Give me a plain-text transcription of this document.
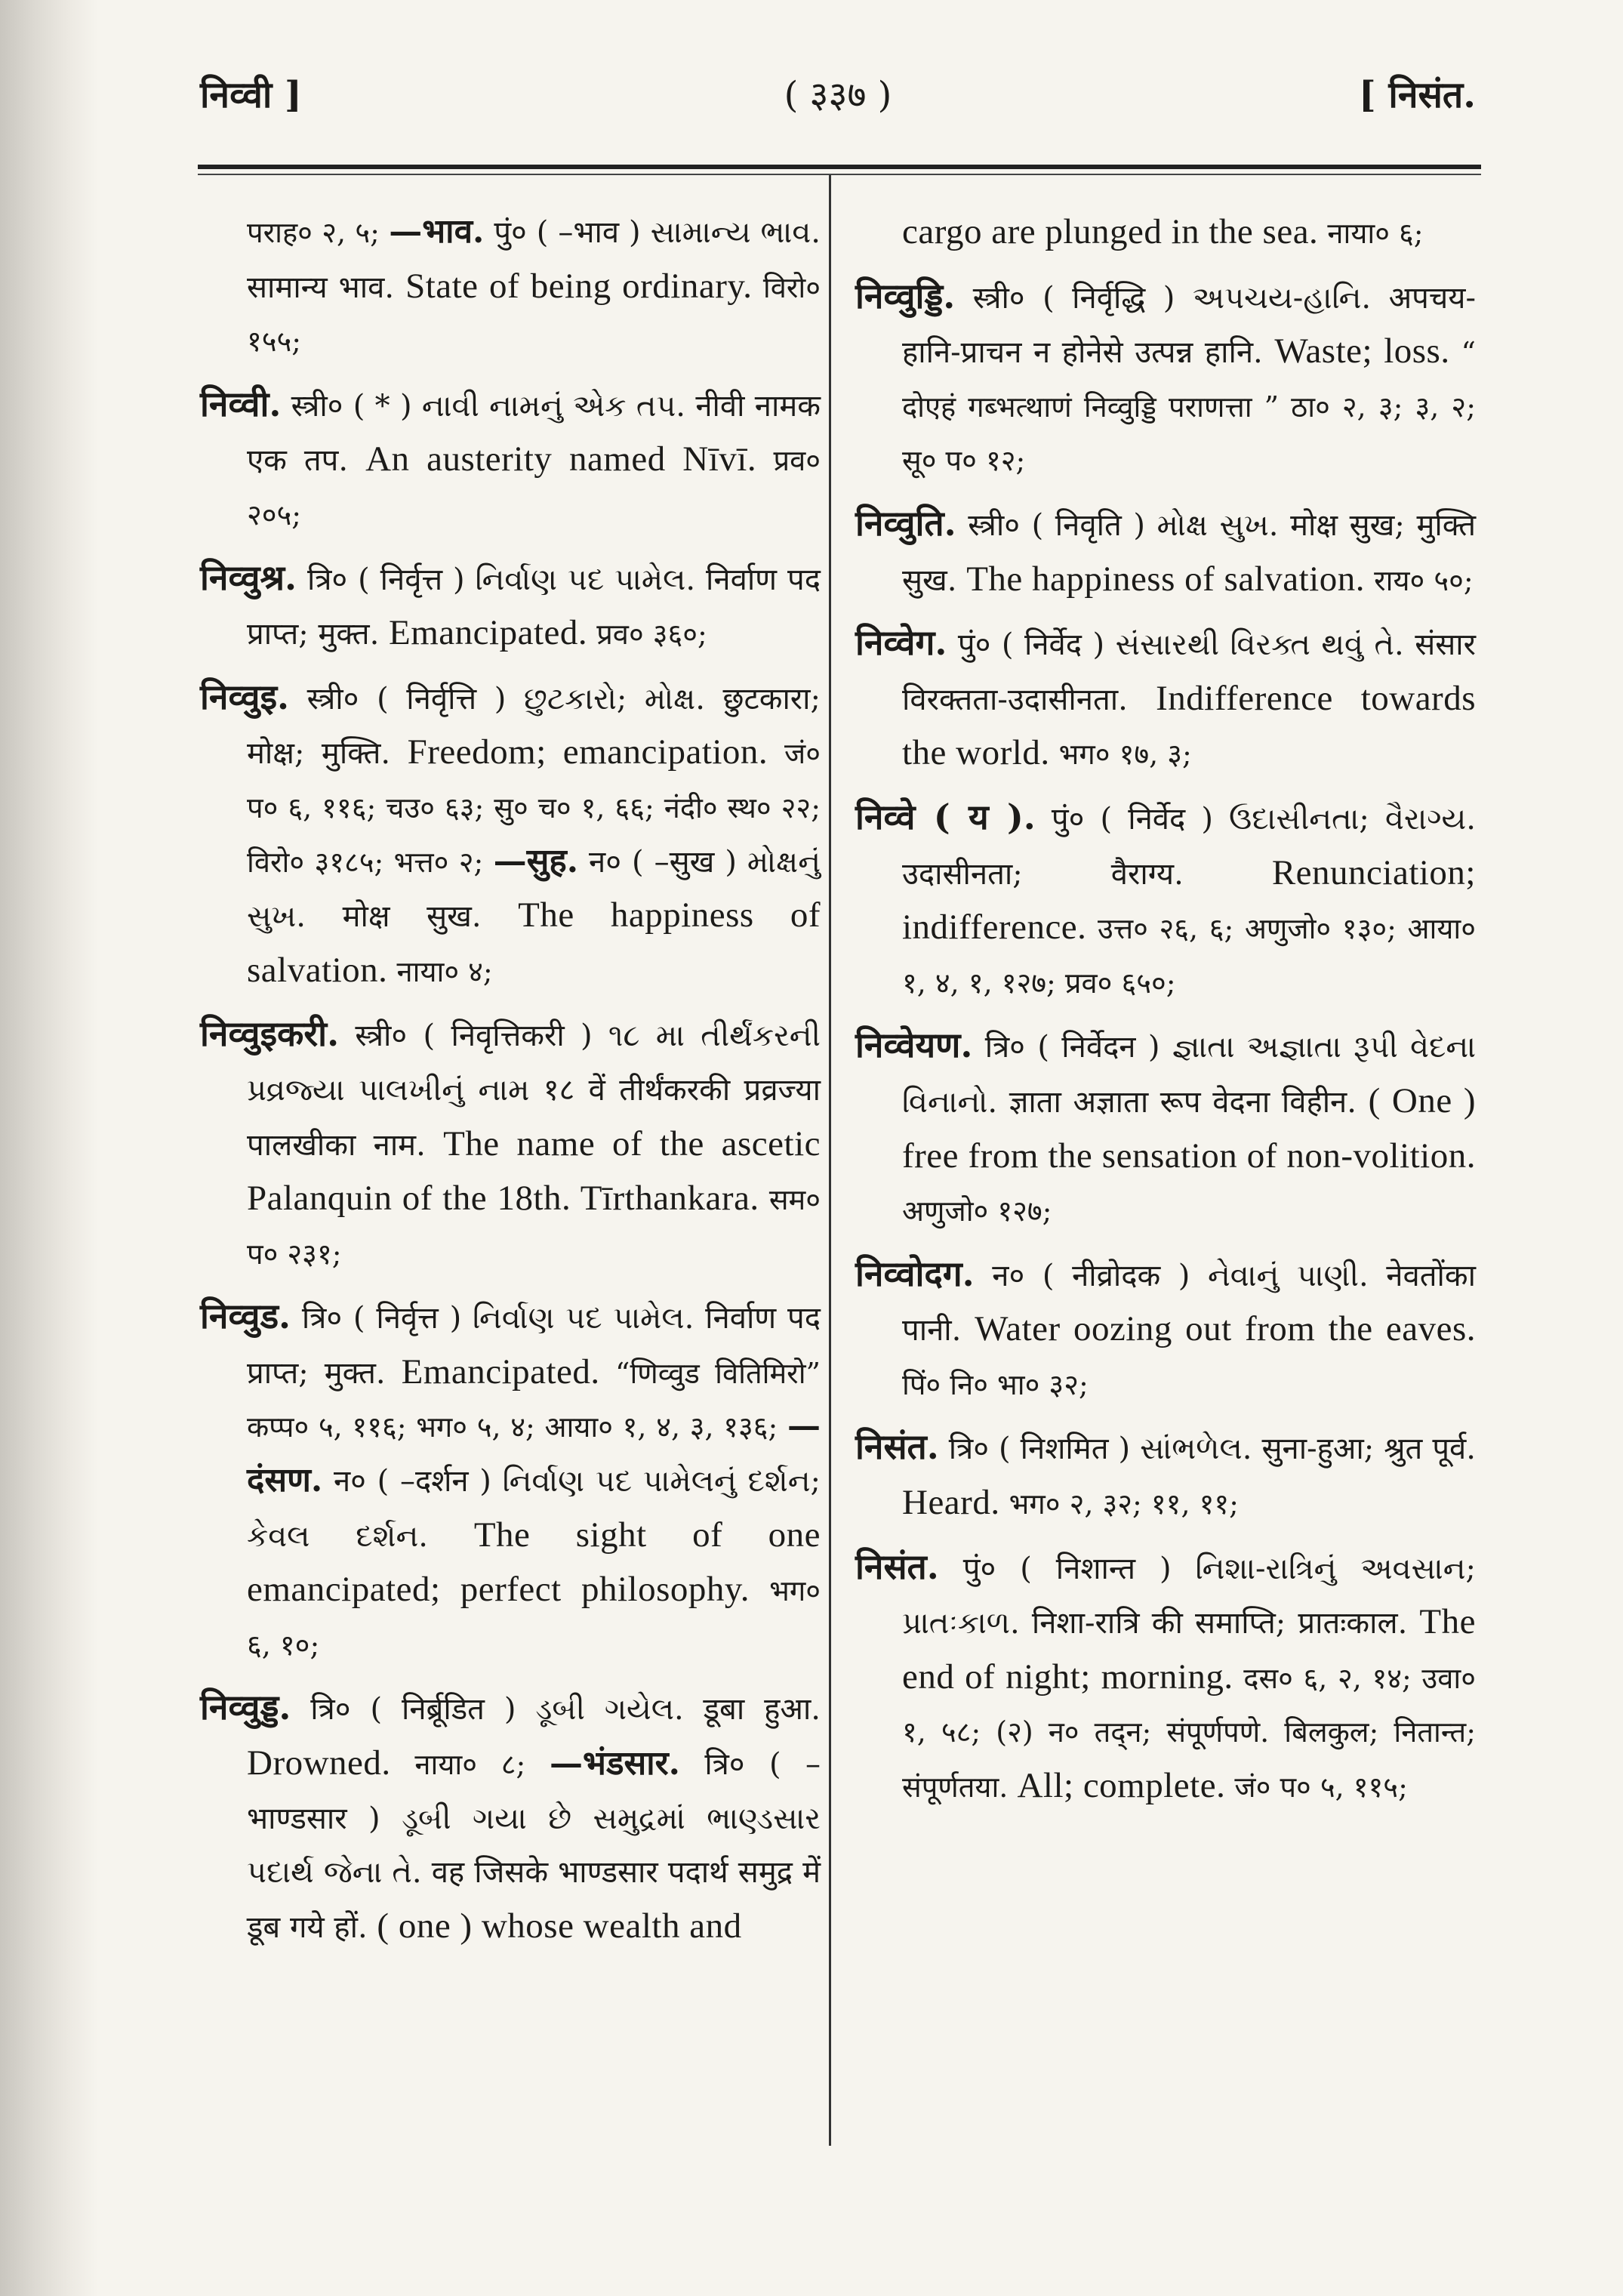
निव्वी ]	( ३३७ )	[ निसंत.

पराह० २, ५; —भाव. पुं० ( –भाव ) સામાન્ય ભાવ. सामान्य भाव. State of being ordinary. विरो० १५५;

निव्वी. स्त्री० ( * ) નાવી નામનું એક તપ. नीवी नामक एक तप. An austerity named Nīvī. प्रव० २०५;

निव्वुश्र. त्रि० ( निर्वृत्त ) નિર્વાણ પદ પામેલ. निर्वाण पद प्राप्त; मुक्त. Emancipated. प्रव० ३६०;

निव्वुइ. स्त्री० ( निर्वृत्ति ) છુટકારો; મોક્ષ. छुटकारा; मोक्ष; मुक्ति. Freedom; emancipation. जं० प० ६, ११६; चउ० ६३; सु० च० १, ६६; नंदी० स्थ० २२; विरो० ३१८५; भत्त० २; —सुह. न० ( –सुख ) મોક્ષનું સુખ. मोक्ष सुख. The happiness of salvation. नाया० ४;

निव्वुइकरी. स्त्री० ( निवृत्तिकरी ) ૧૮ મા તીર્થંકરની પ્રવ્રજ્યા પાલખીનું નામ १८ वें तीर्थंकरकी प्रव्रज्या पालखीका नाम. The name of the ascetic Palanquin of the 18th. Tīrthankara. सम० प० २३१;

निव्वुड. त्रि० ( निर्वृत्त ) નિર્વાણ પદ પામેલ. निर्वाण पद प्राप्त; मुक्त. Emancipated. “णिव्वुड वितिमिरो” कप्प० ५, ११६; भग० ५, ४; आया० १, ४, ३, १३६; —दंसण. न० ( –दर्शन ) નિર્વાણ પદ પામેલનું દર્શન; કેવલ દર્શન. The sight of one emancipated; perfect philosophy. भग० ६, १०;

निव्वुड्ड. त्रि० ( निर्ब्रूडित ) ડૂબી ગયેલ. डूबा हुआ. Drowned. नाया० ८; —भंडसार. त्रि० ( –भाण्डसार ) ડૂબી ગયા છે સમુદ્રમાં ભાણ્ડસાર પદાર્થ જેના તે. वह जिसके भाण्डसार पदार्थ समुद्र में डूब गये हों. ( one ) whose wealth and

cargo are plunged in the sea. नाया० ६;

निव्वुड्डि. स्त्री० ( निर्वृद्धि ) અપચય-હાનિ. अपचय-हानि-प्राचन न होनेसे उत्पन्न हानि. Waste; loss. “ दोएहं गब्भत्थाणं निव्वुड्डि पराणत्ता ” ठा० २, ३; ३, २; सू० प० १२;

निव्वुति. स्त्री० ( निवृति ) મોક્ષ સુખ. मोक्ष सुख; मुक्ति सुख. The happiness of salvation. राय० ५०;

निव्वेग. पुं० ( निर्वेद ) સંસારથી વિરક્ત થવું તે. संसार विरक्तता-उदासीनता. Indifference towards the world. भग० १७, ३;

निव्वे ( य ). पुं० ( निर्वेद ) ઉદાસીનતા; વૈરાગ્ય. उदासीनता; वैराग्य. Renunciation; indifference. उत्त० २६, ६; अणुजो० १३०; आया० १, ४, १, १२७; प्रव० ६५०;

निव्वेयण. त्रि० ( निर्वेदन ) જ્ઞાતા અજ્ઞાતા રૂપી વેદના વિનાનો. ज्ञाता अज्ञाता रूप वेदना विहीन. ( One ) free from the sensation of non-volition. अणुजो० १२७;

निव्वोदग. न० ( नीव्रोदक ) નેવાનું પાણી. नेवतोंका पानी. Water oozing out from the eaves. पिं० नि० भा० ३२;

निसंत. त्रि० ( निशमित ) સાંભળેલ. सुना-हुआ; श्रुत पूर्व. Heard. भग० २, ३२; ११, ११;

निसंत. पुं० ( निशान्त ) નિશા-રાત્રિનું અવસાન; પ્રાતઃકાળ. निशा-रात्रि की समाप्ति; प्रातःकाल. The end of night; morning. दस० ६, २, १४; उवा० १, ५८; (२) न० तद्न; संपूर्णपणे. बिलकुल; नितान्त; संपूर्णतया. All; complete. जं० प० ५, ११५;
